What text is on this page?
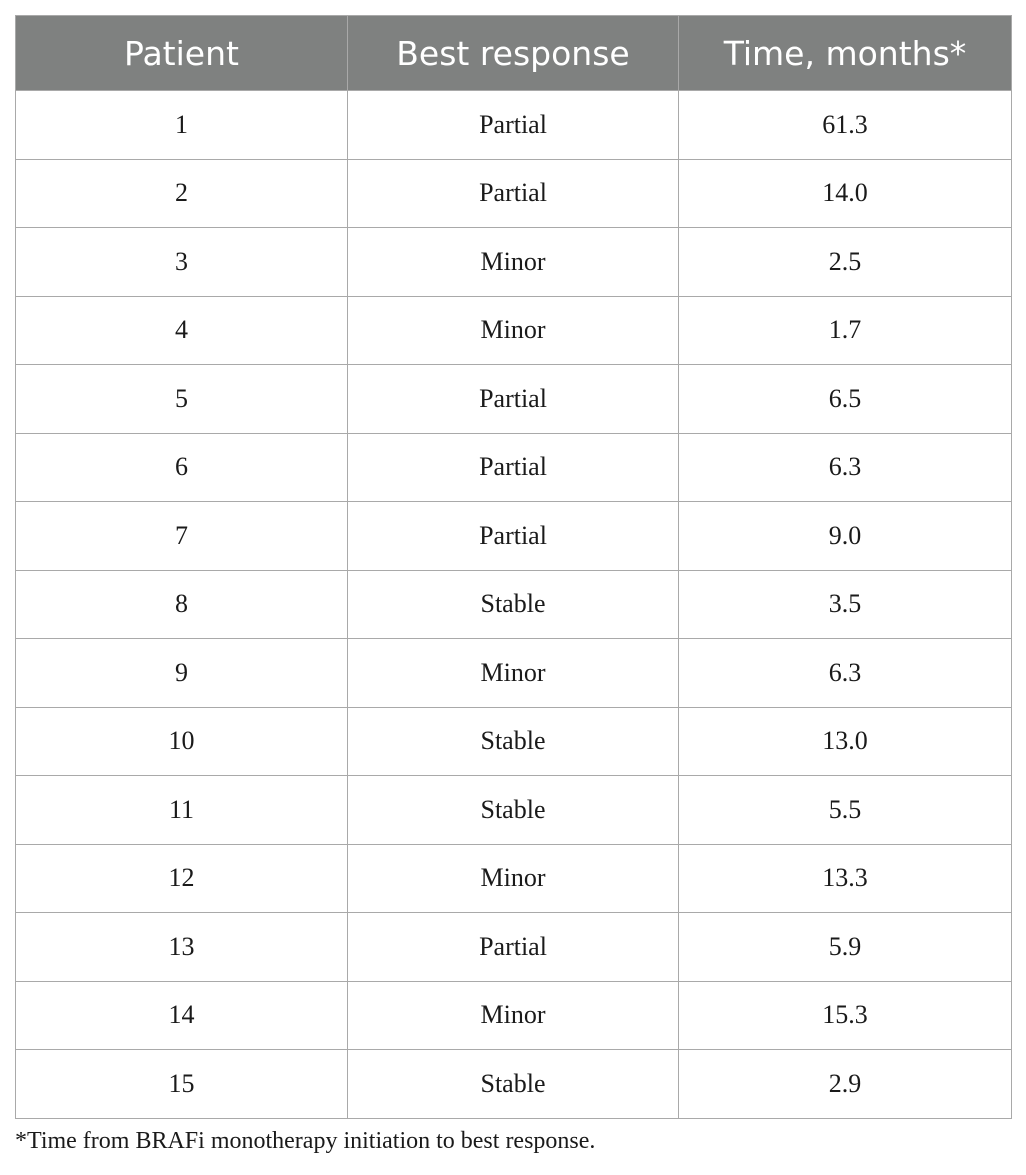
Patient	Best response	Time, months*
1	Partial	61.3
2	Partial	14.0
3	Minor	2.5
4	Minor	1.7
5	Partial	6.5
6	Partial	6.3
7	Partial	9.0
8	Stable	3.5
9	Minor	6.3
10	Stable	13.0
11	Stable	5.5
12	Minor	13.3
13	Partial	5.9
14	Minor	15.3
15	Stable	2.9
*Time from BRAFi monotherapy initiation to best response.
